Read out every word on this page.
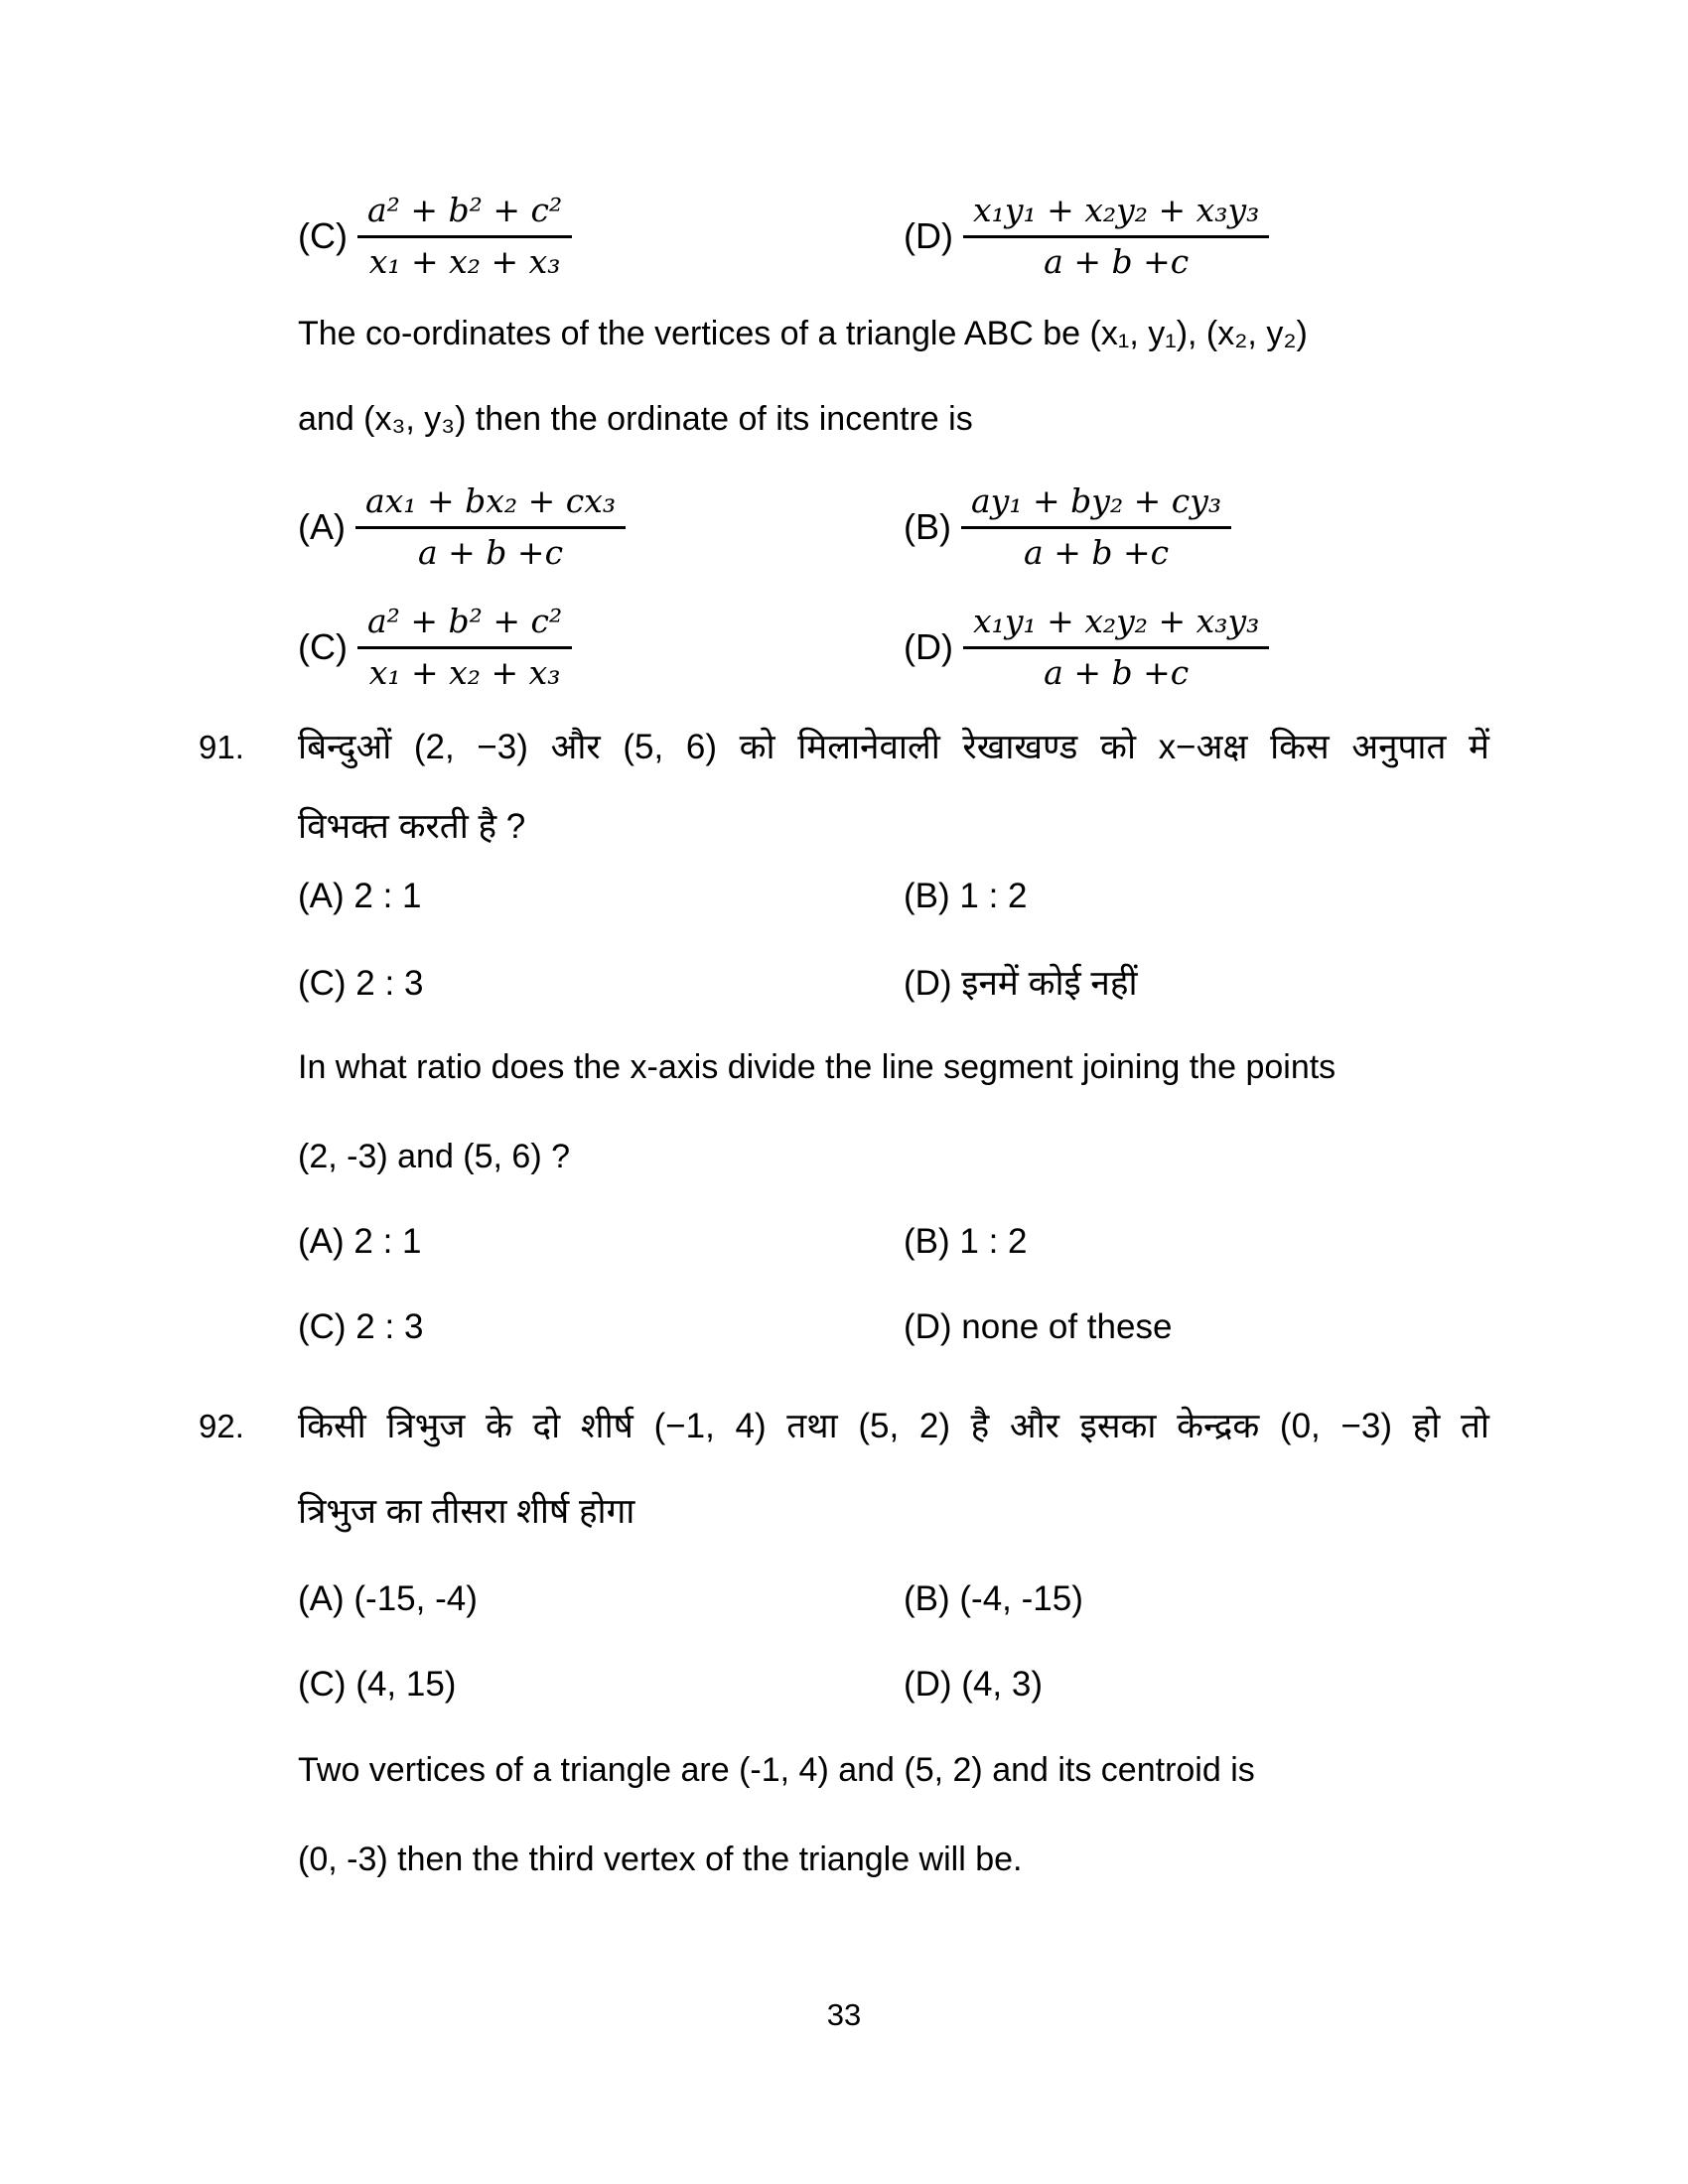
$(C) \frac{\text{a² + b² + c²}}{\text{x₁ + x₂ + x₃}}$	$(D) \frac{\text{x₁y₁ + x₂y₂ + x₃y₃}}{a + b +c}$
The co-ordinates of the vertices of a triangle ABC be (x₁, y₁), (x₂, y₂)
and (x₃, y₃) then the ordinate of its incentre is
$(A) \frac{\text{ax₁ + bx₂ + cx₃}}{a + b +c}$	$(B) \frac{\text{ay₁ + by₂ + cy₃}}{a + b +c}$
$(C) \frac{\text{a² + b² + c²}}{\text{x₁ + x₂ + x₃}}$	$(D) \frac{\text{x₁y₁ + x₂y₂ + x₃y₃}}{a + b +c}$
91. बिन्दुओं (2, −3) और (5, 6) को मिलानेवाली रेखाखण्ड को x−अक्ष किस अनुपात में
विभक्त करती है ?
(A) 2 : 1	(B) 1 : 2
(C) 2 : 3	(D) इनमें कोई नहीं
In what ratio does the x-axis divide the line segment joining the points
(2, -3) and (5, 6) ?
(A) 2 : 1	(B) 1 : 2
(C) 2 : 3	(D) none of these
92. किसी त्रिभुज के दो शीर्ष (−1, 4) तथा (5, 2) है और इसका केन्द्रक (0, −3) हो तो
त्रिभुज का तीसरा शीर्ष होगा
(A) (-15, -4)	(B) (-4, -15)
(C) (4, 15)	(D) (4, 3)
Two vertices of a triangle are (-1, 4) and (5, 2) and its centroid is
(0, -3) then the third vertex of the triangle will be.
33
